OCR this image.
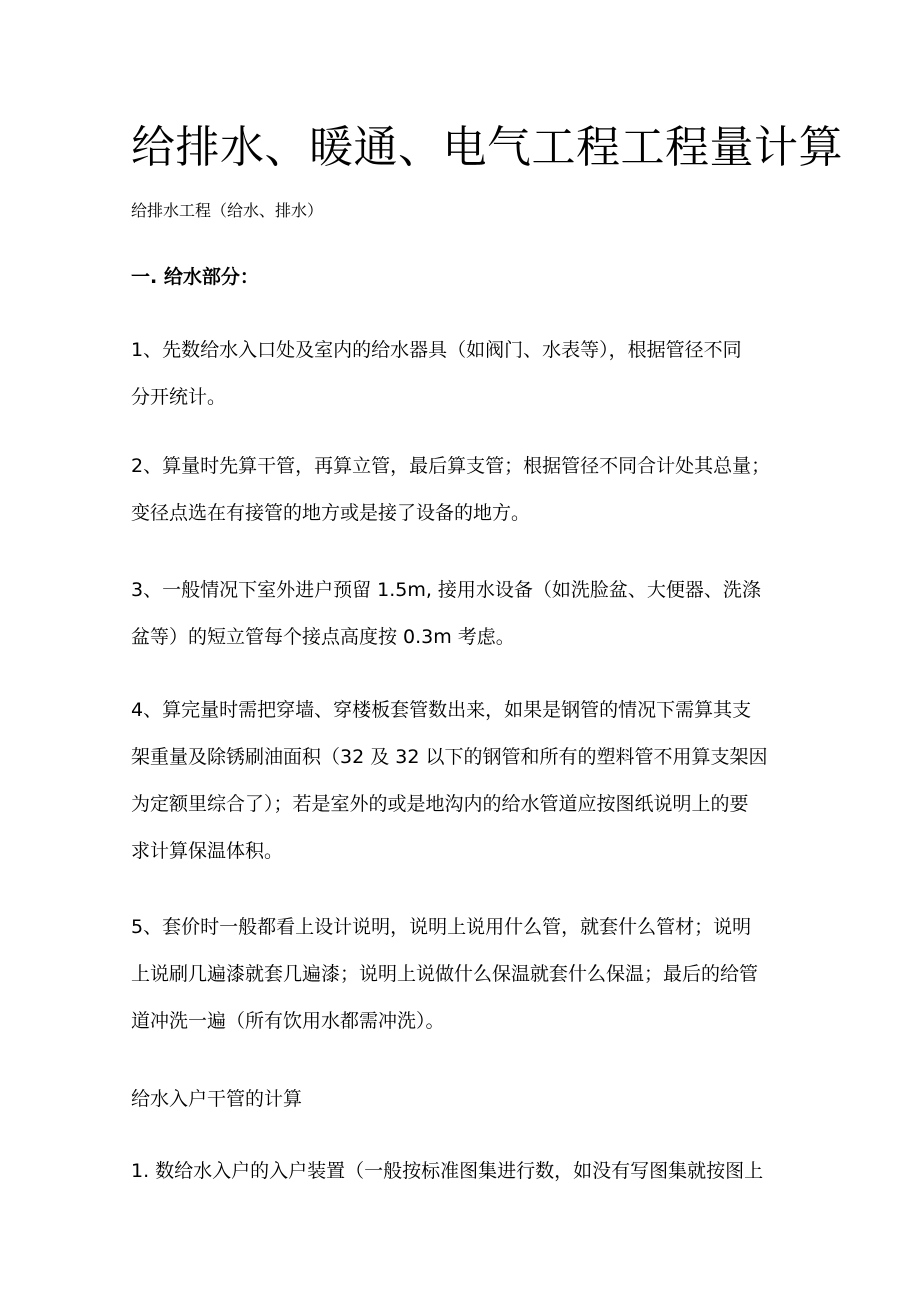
给排水、暖通、电气工程工程量计算
给排水工程（给水、排水）
一. 给水部分：
1、先数给水入口处及室内的给水器具（如阀门、水表等），根据管径不同
分开统计。
2、算量时先算干管，再算立管，最后算支管；根据管径不同合计处其总量；
变径点选在有接管的地方或是接了设备的地方。
3、一般情况下室外进户预留 1.5m, 接用水设备（如洗脸盆、大便器、洗涤
盆等）的短立管每个接点高度按 0.3m 考虑。
4、算完量时需把穿墙、穿楼板套管数出来，如果是钢管的情况下需算其支
架重量及除锈刷油面积（32 及 32 以下的钢管和所有的塑料管不用算支架因
为定额里综合了）；若是室外的或是地沟内的给水管道应按图纸说明上的要
求计算保温体积。
5、套价时一般都看上设计说明，说明上说用什么管，就套什么管材；说明
上说刷几遍漆就套几遍漆；说明上说做什么保温就套什么保温；最后的给管
道冲洗一遍（所有饮用水都需冲洗）。
给水入户干管的计算
1. 数给水入户的入户装置（一般按标准图集进行数，如没有写图集就按图上
